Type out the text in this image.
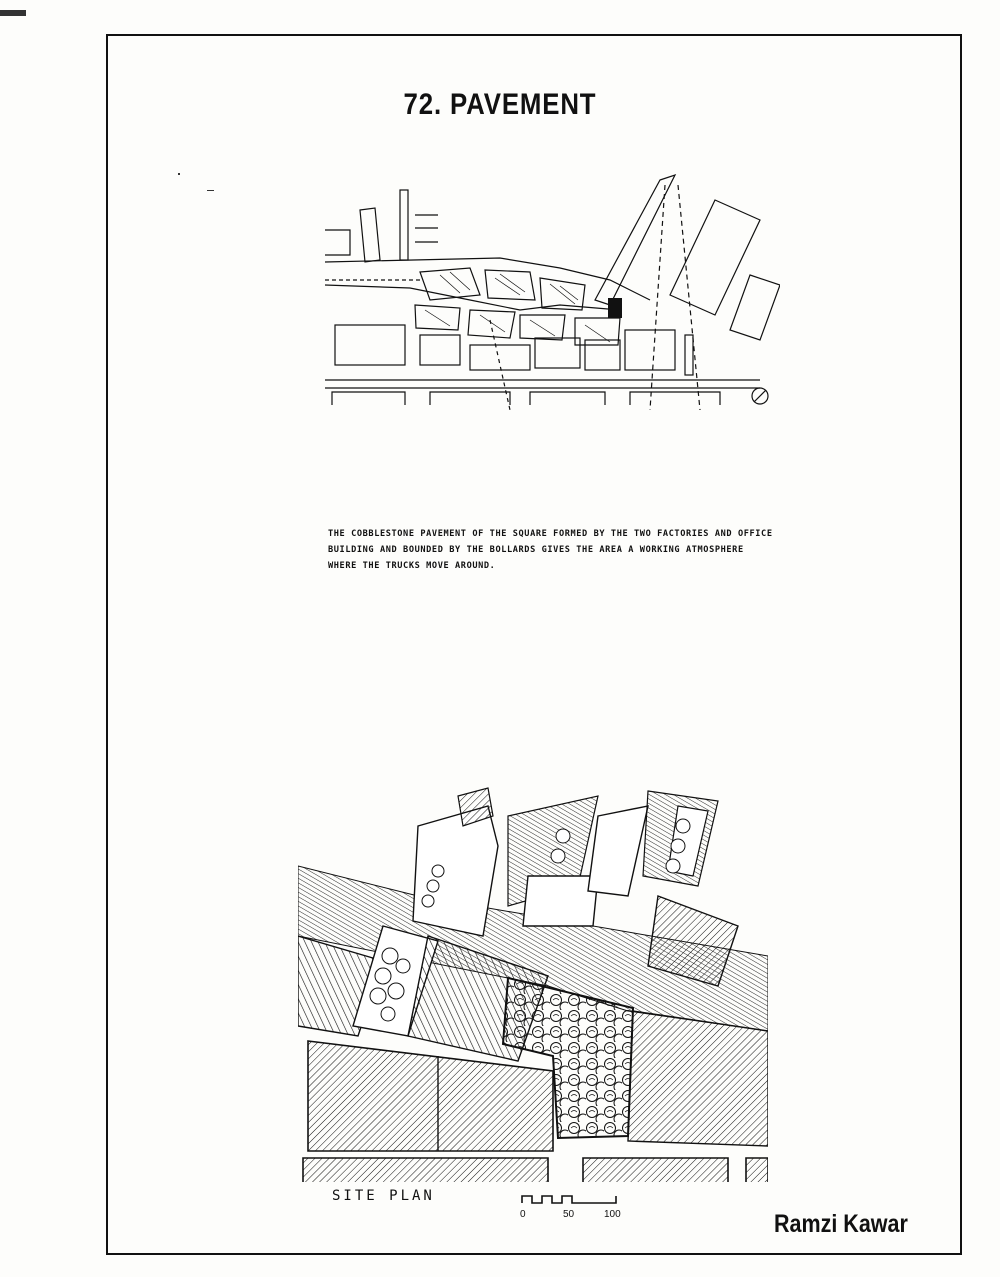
72. PAVEMENT

THE COBBLESTONE PAVEMENT OF THE SQUARE FORMED BY THE TWO FACTORIES AND OFFICE

BUILDING AND BOUNDED BY THE BOLLARDS GIVES THE AREA A WORKING ATMOSPHERE

WHERE THE TRUCKS MOVE AROUND.

SITE PLAN
0	50	100	Ramzi Kawar
